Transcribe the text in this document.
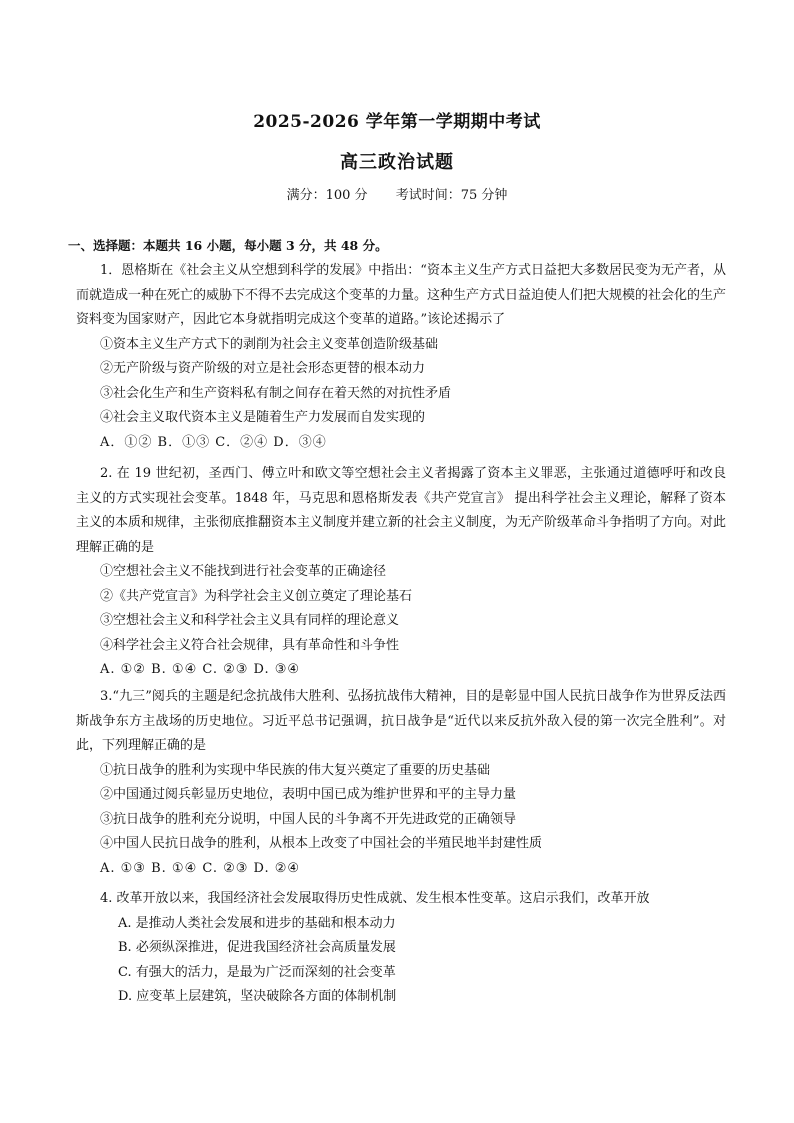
2025-2026 学年第一学期期中考试
高三政治试题
满分：100 分 考试时间：75 分钟
一、选择题：本题共 16 小题，每小题 3 分，共 48 分。

1．恩格斯在《社会主义从空想到科学的发展》中指出：“资本主义生产方式日益把大多数居民变为无产者，从而就造成一种在死亡的威胁下不得不去完成这个变革的力量。这种生产方式日益迫使人们把大规模的社会化的生产资料变为国家财产，因此它本身就指明完成这个变革的道路。”该论述揭示了

①资本主义生产方式下的剥削为社会主义变革创造阶级基础

②无产阶级与资产阶级的对立是社会形态更替的根本动力

③社会化生产和生产资料私有制之间存在着天然的对抗性矛盾

④社会主义取代资本主义是随着生产力发展而自发实现的

A．①② B．①③ C．②④ D．③④

2. 在 19 世纪初，圣西门、傅立叶和欧文等空想社会主义者揭露了资本主义罪恶，主张通过道德呼吁和改良主义的方式实现社会变革。1848 年，马克思和恩格斯发表《共产党宣言》 提出科学社会主义理论，解释了资本主义的本质和规律，主张彻底推翻资本主义制度并建立新的社会主义制度，为无产阶级革命斗争指明了方向。对此理解正确的是

①空想社会主义不能找到进行社会变革的正确途径

②《共产党宣言》为科学社会主义创立奠定了理论基石

③空想社会主义和科学社会主义具有同样的理论意义

④科学社会主义符合社会规律，具有革命性和斗争性

A. ①② B. ①④ C. ②③ D. ③④

3.“九三”阅兵的主题是纪念抗战伟大胜利、弘扬抗战伟大精神，目的是彰显中国人民抗日战争作为世界反法西斯战争东方主战场的历史地位。习近平总书记强调，抗日战争是“近代以来反抗外敌入侵的第一次完全胜利”。对此，下列理解正确的是

①抗日战争的胜利为实现中华民族的伟大复兴奠定了重要的历史基础

②中国通过阅兵彰显历史地位，表明中国已成为维护世界和平的主导力量

③抗日战争的胜利充分说明，中国人民的斗争离不开先进政党的正确领导

④中国人民抗日战争的胜利，从根本上改变了中国社会的半殖民地半封建性质

A. ①③ B. ①④ C. ②③ D. ②④

4. 改革开放以来，我国经济社会发展取得历史性成就、发生根本性变革。这启示我们，改革开放

A. 是推动人类社会发展和进步的基础和根本动力

B. 必须纵深推进，促进我国经济社会高质量发展

C. 有强大的活力，是最为广泛而深刻的社会变革

D. 应变革上层建筑，坚决破除各方面的体制机制
